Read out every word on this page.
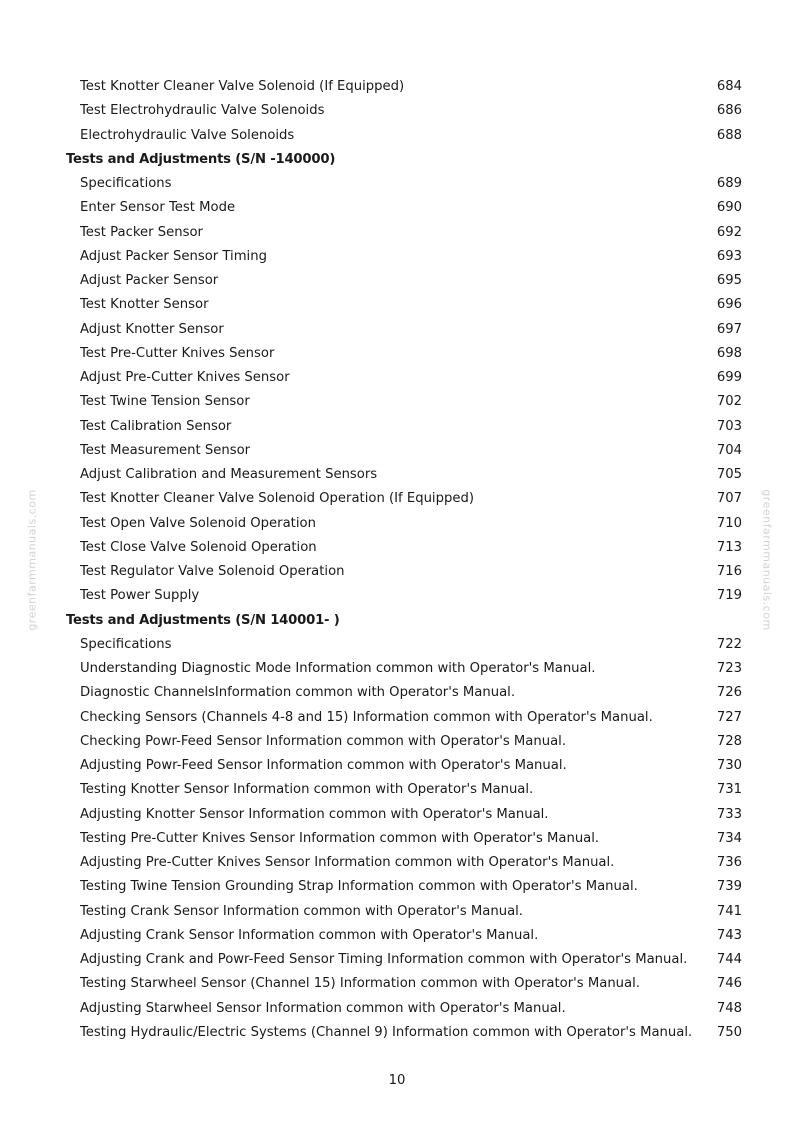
Test Knotter Cleaner Valve Solenoid (If Equipped)	684
Test Electrohydraulic Valve Solenoids	686
Electrohydraulic Valve Solenoids	688
Tests and Adjustments (S/N -140000)
Specifications	689
Enter Sensor Test Mode	690
Test Packer Sensor	692
Adjust Packer Sensor Timing	693
Adjust Packer Sensor	695
Test Knotter Sensor	696
Adjust Knotter Sensor	697
Test Pre-Cutter Knives Sensor	698
Adjust Pre-Cutter Knives Sensor	699
Test Twine Tension Sensor	702
Test Calibration Sensor	703
Test Measurement Sensor	704
Adjust Calibration and Measurement Sensors	705
Test Knotter Cleaner Valve Solenoid Operation (If Equipped)	707
Test Open Valve Solenoid Operation	710
Test Close Valve Solenoid Operation	713
Test Regulator Valve Solenoid Operation	716
Test Power Supply	719
Tests and Adjustments (S/N 140001- )
Specifications	722
Understanding Diagnostic Mode Information common with Operator's Manual.	723
Diagnostic ChannelsInformation common with Operator's Manual.	726
Checking Sensors (Channels 4-8 and 15) Information common with Operator's Manual.	727
Checking Powr-Feed Sensor Information common with Operator's Manual.	728
Adjusting Powr-Feed Sensor Information common with Operator's Manual.	730
Testing Knotter Sensor Information common with Operator's Manual.	731
Adjusting Knotter Sensor Information common with Operator's Manual.	733
Testing Pre-Cutter Knives Sensor Information common with Operator's Manual.	734
Adjusting Pre-Cutter Knives Sensor Information common with Operator's Manual.	736
Testing Twine Tension Grounding Strap Information common with Operator's Manual.	739
Testing Crank Sensor Information common with Operator's Manual.	741
Adjusting Crank Sensor Information common with Operator's Manual.	743
Adjusting Crank and Powr-Feed Sensor Timing Information common with Operator's Manual. 744
Testing Starwheel Sensor (Channel 15) Information common with Operator's Manual.	746
Adjusting Starwheel Sensor Information common with Operator's Manual.	748
Testing Hydraulic/Electric Systems (Channel 9) Information common with Operator's Manual. 750
greenfarmmanuals.com	greenfarmmanuals.com
10
